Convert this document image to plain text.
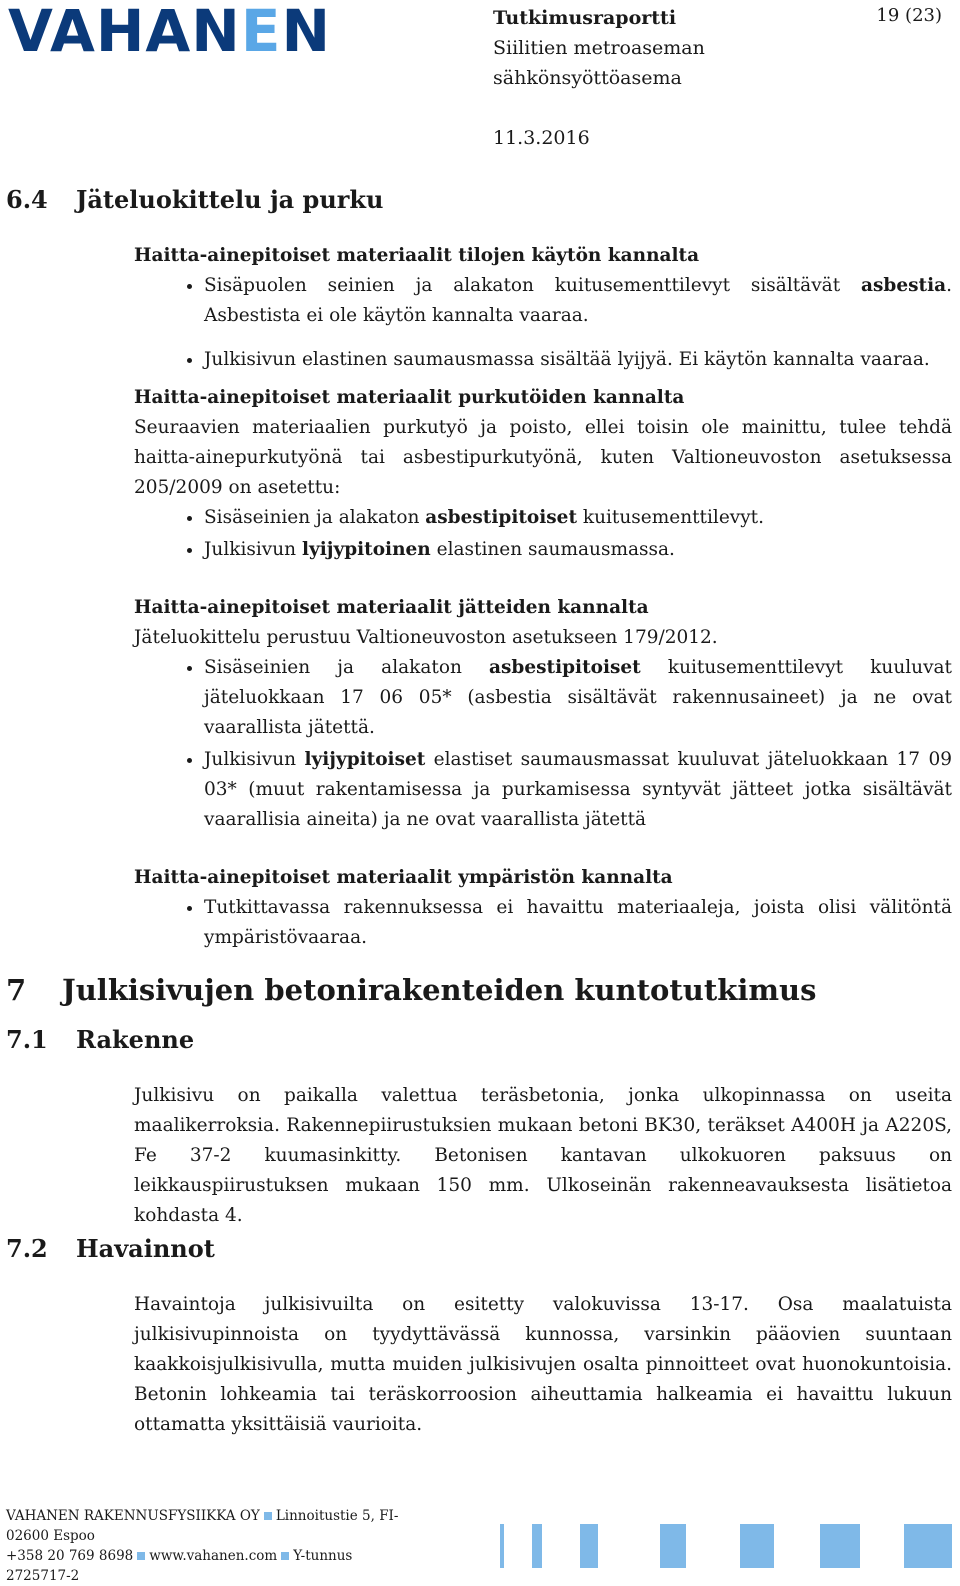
VAHANEN	Tutkimusraportti
Siilitien metroaseman
sähkönsyöttöasema
11.3.2016
19 (23)
6.4 Jäteluokittelu ja purku

Haitta-ainepitoiset materiaalit tilojen käytön kannalta

• Sisäpuolen seinien ja alakaton kuitusementtilevyt sisältävät asbestia. Asbestista ei ole käytön kannalta vaaraa.
• Julkisivun elastinen saumausmassa sisältää lyijyä. Ei käytön kannalta vaaraa.

Haitta-ainepitoiset materiaalit purkutöiden kannalta

Seuraavien materiaalien purkutyö ja poisto, ellei toisin ole mainittu, tulee tehdä haitta-ainepurkutyönä tai asbestipurkutyönä, kuten Valtioneuvoston asetuksessa 205/2009 on asetettu:

• Sisäseinien ja alakaton asbestipitoiset kuitusementtilevyt.
• Julkisivun lyijypitoinen elastinen saumausmassa.

Haitta-ainepitoiset materiaalit jätteiden kannalta

Jäteluokittelu perustuu Valtioneuvoston asetukseen 179/2012.

• Sisäseinien ja alakaton asbestipitoiset kuitusementtilevyt kuuluvat jäteluokkaan 17 06 05* (asbestia sisältävät rakennusaineet) ja ne ovat vaarallista jätettä.
• Julkisivun lyijypitoiset elastiset saumausmassat kuuluvat jäteluokkaan 17 09 03* (muut rakentamisessa ja purkamisessa syntyvät jätteet jotka sisältävät vaarallisia aineita) ja ne ovat vaarallista jätettä

Haitta-ainepitoiset materiaalit ympäristön kannalta

• Tutkittavassa rakennuksessa ei havaittu materiaaleja, joista olisi välitöntä ympäristövaaraa.
7 Julkisivujen betonirakenteiden kuntotutkimus
7.1 Rakenne

Julkisivu on paikalla valettua teräsbetonia, jonka ulkopinnassa on useita maalikerroksia. Rakennepiirustuksien mukaan betoni BK30, teräkset A400H ja A220S, Fe 37-2 kuumasinkitty. Betonisen kantavan ulkokuoren paksuus on leikkauspiirustuksen mukaan 150 mm. Ulkoseinän rakenneavauksesta lisätietoa kohdasta 4.

7.2 Havainnot

Havaintoja julkisivuilta on esitetty valokuvissa 13-17. Osa maalatuista julkisivupinnoista on tyydyttävässä kunnossa, varsinkin pääovien suuntaan kaakkoisjulkisivulla, mutta muiden julkisivujen osalta pinnoitteet ovat huonokuntoisia. Betonin lohkeamia tai teräskorroosion aiheuttamia halkeamia ei havaittu lukuun ottamatta yksittäisiä vaurioita.

VAHANEN RAKENNUSFYSIIKKA OY Linnoitustie 5, FI-
02600 Espoo
+358 20 769 8698 www.vahanen.com Y-tunnus 2725717-2
